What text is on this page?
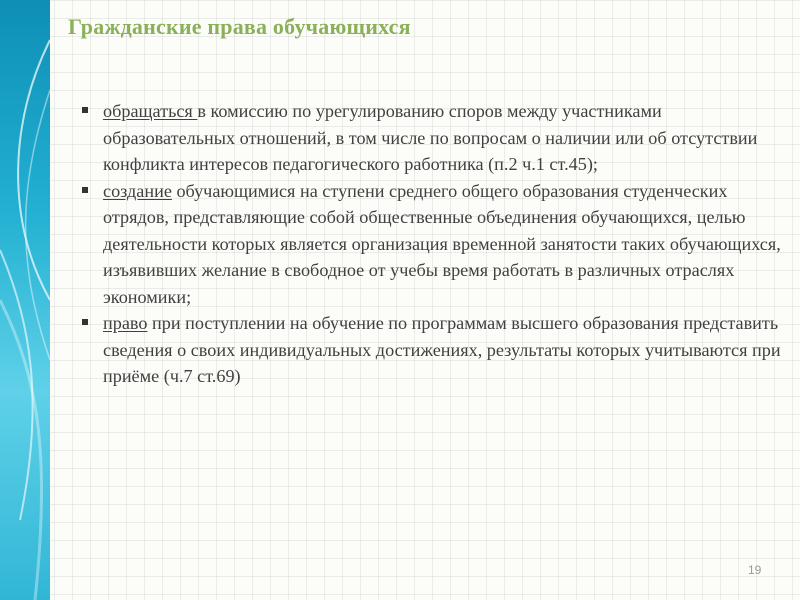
Гражданские права обучающихся
обращаться в комиссию по урегулированию споров между участниками образовательных отношений, в том числе по вопросам о наличии или об отсутствии конфликта интересов педагогического работника (п.2 ч.1 ст.45);
создание обучающимися на ступени среднего общего образования студенческих отрядов, представляющие собой общественные объединения обучающихся, целью деятельности которых является организация временной занятости таких обучающихся, изъявивших желание в свободное от учебы время работать в различных отраслях экономики;
право при поступлении на обучение по программам высшего образования представить сведения о своих индивидуальных достижениях, результаты которых учитываются при приёме (ч.7 ст.69)
19
